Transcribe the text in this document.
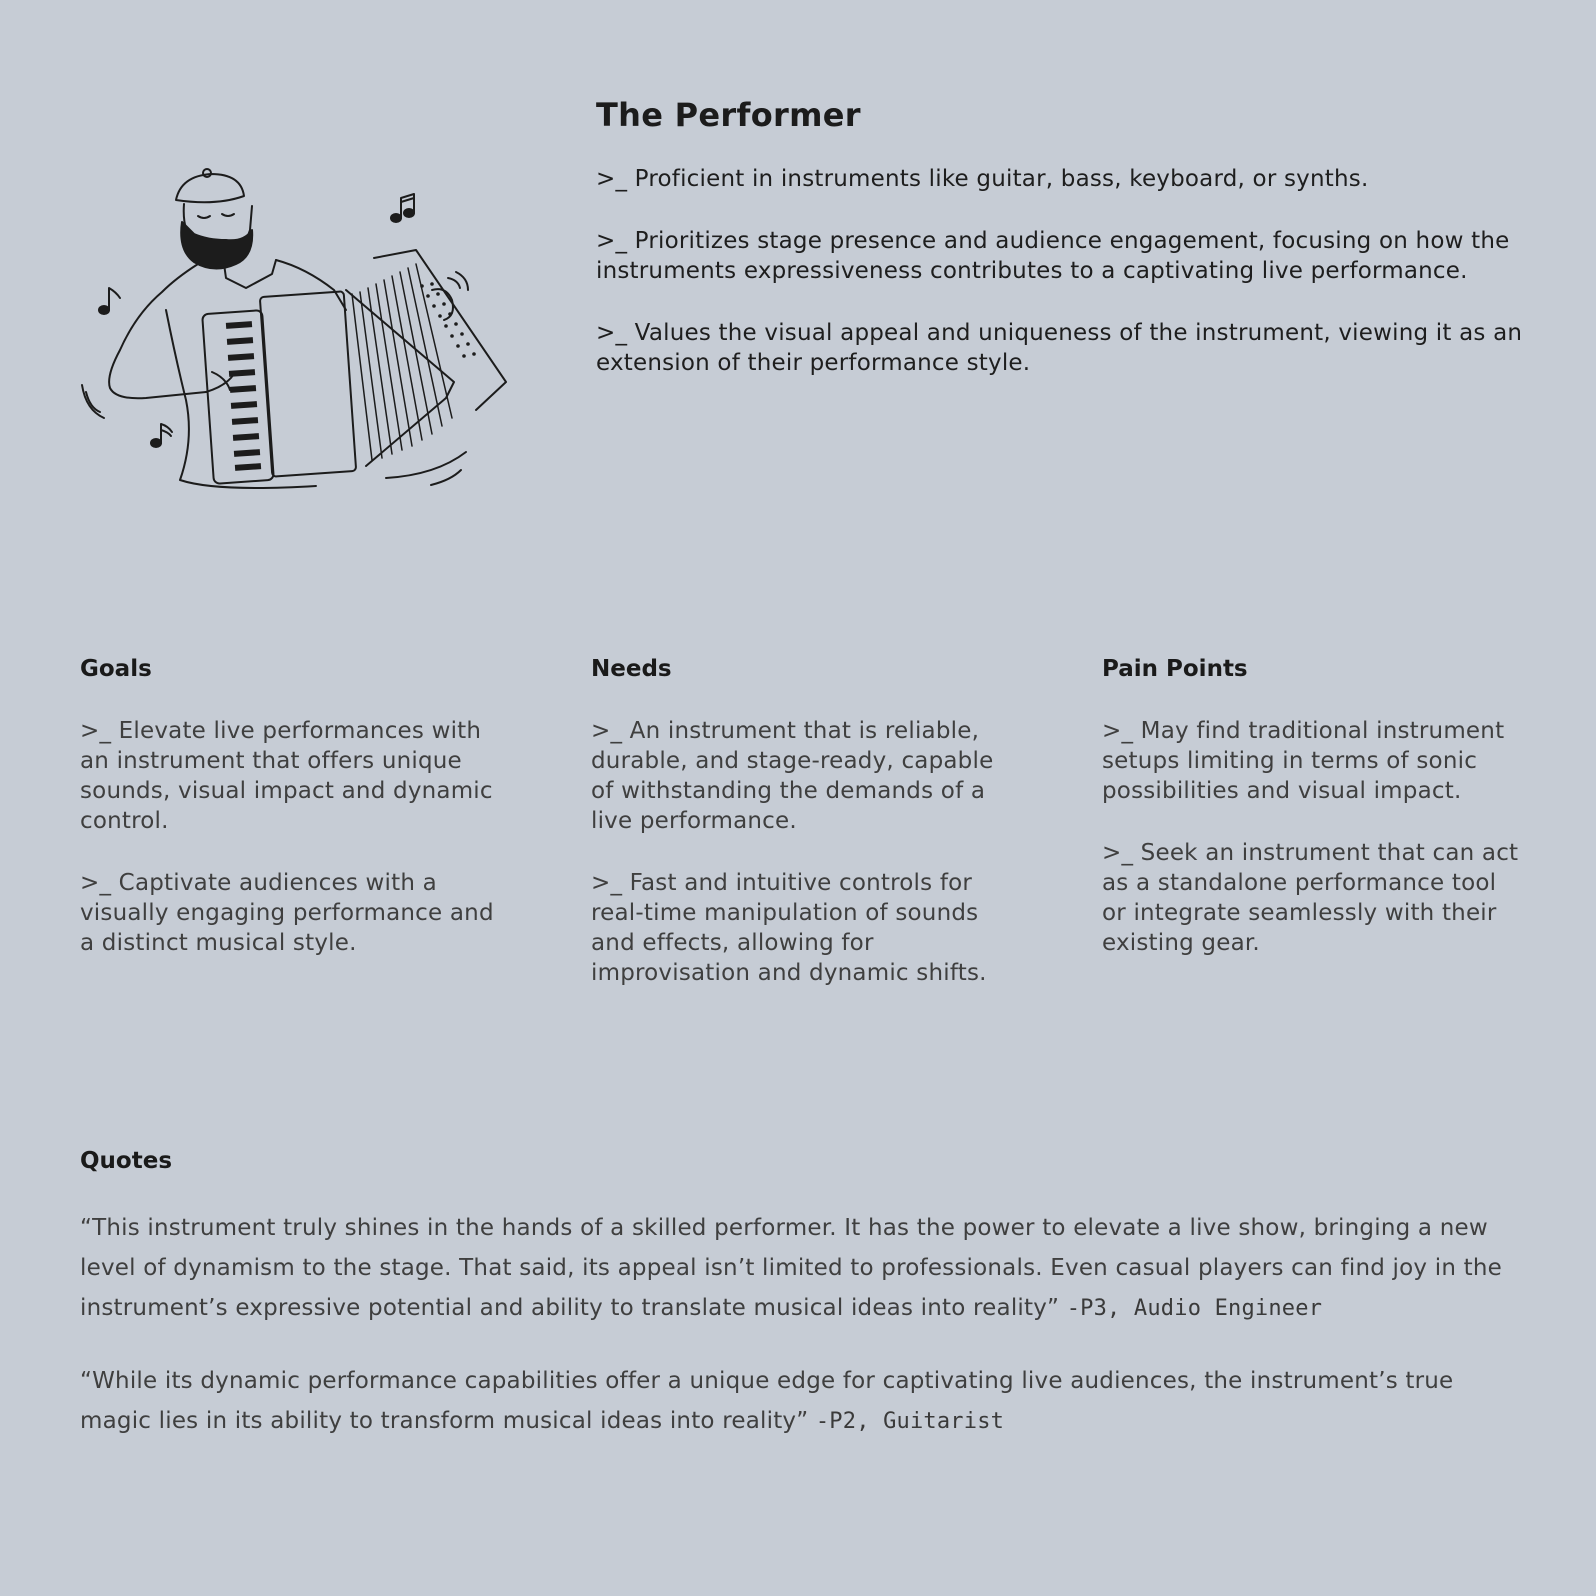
The Performer

>_ Proficient in instruments like guitar, bass, keyboard, or synths.

>_ Prioritizes stage presence and audience engagement, focusing on how the instruments expressiveness contributes to a captivating live performance.

>_ Values the visual appeal and uniqueness of the instrument, viewing it as an extension of their performance style.

Goals

>_ Elevate live performances with an instrument that offers unique sounds, visual impact and dynamic control.

>_ Captivate audiences with a visually engaging performance and a distinct musical style.

Needs

>_ An instrument that is reliable, durable, and stage-ready, capable of withstanding the demands of a live performance.

>_ Fast and intuitive controls for real-time manipulation of sounds and effects, allowing for improvisation and dynamic shifts.

Pain Points

>_ May find traditional instrument setups limiting in terms of sonic possibilities and visual impact.

>_ Seek an instrument that can act as a standalone performance tool or integrate seamlessly with their existing gear.

Quotes

“This instrument truly shines in the hands of a skilled performer. It has the power to elevate a live show, bringing a new level of dynamism to the stage. That said, its appeal isn’t limited to professionals. Even casual players can find joy in the instrument’s expressive potential and ability to translate musical ideas into reality” -P3, Audio Engineer

“While its dynamic performance capabilities offer a unique edge for captivating live audiences, the instrument’s true magic lies in its ability to transform musical ideas into reality” -P2, Guitarist
